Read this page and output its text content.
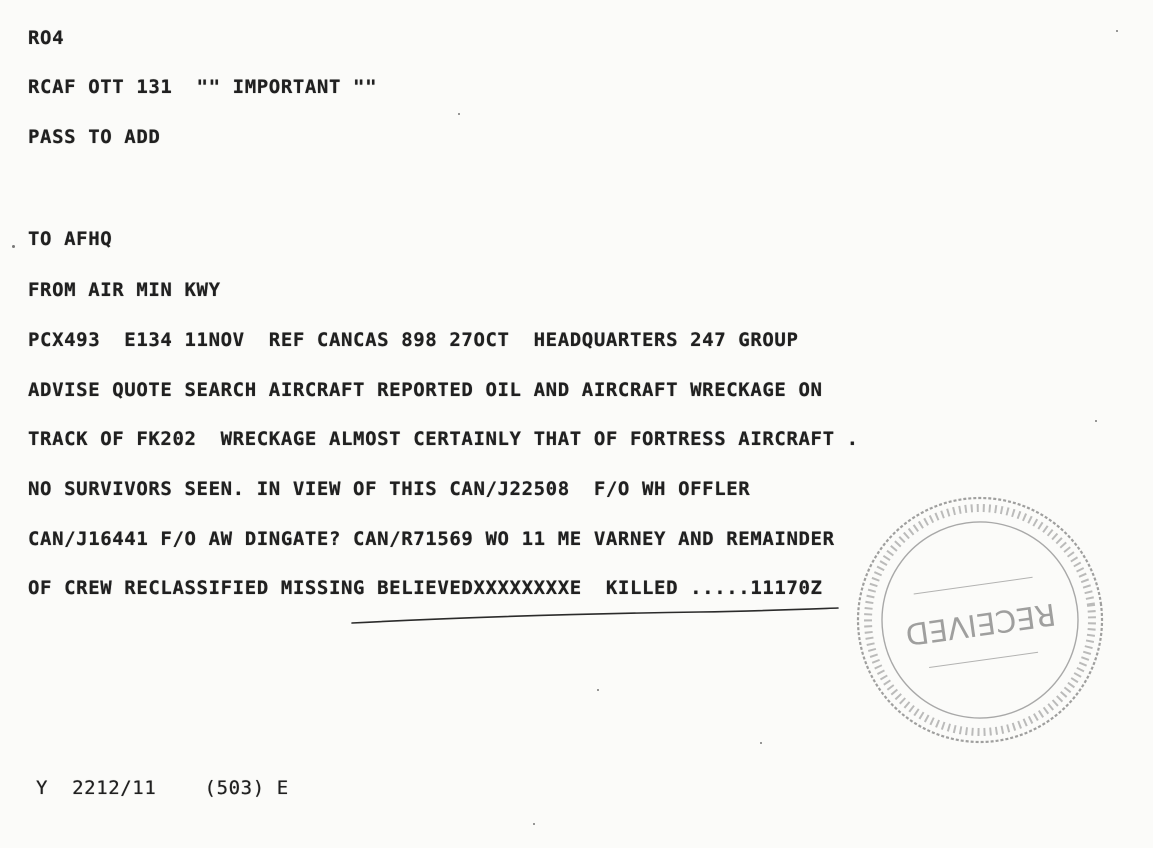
RO4
RCAF OTT 131  "" IMPORTANT ""
PASS TO ADD
TO AFHQ
FROM AIR MIN KWY
PCX493  E134 11NOV  REF CANCAS 898 27OCT  HEADQUARTERS 247 GROUP
ADVISE QUOTE SEARCH AIRCRAFT REPORTED OIL AND AIRCRAFT WRECKAGE ON
TRACK OF FK202  WRECKAGE ALMOST CERTAINLY THAT OF FORTRESS AIRCRAFT .
NO SURVIVORS SEEN. IN VIEW OF THIS CAN/J22508  F/O WH OFFLER
CAN/J16441 F/O AW DINGATE? CAN/R71569 WO 11 ME VARNEY AND REMAINDER
OF CREW RECLASSIFIED MISSING BELIEVEDXXXXXXXXE  KILLED .....11170Z
Y  2212/11    (503) E
RECEIVED
